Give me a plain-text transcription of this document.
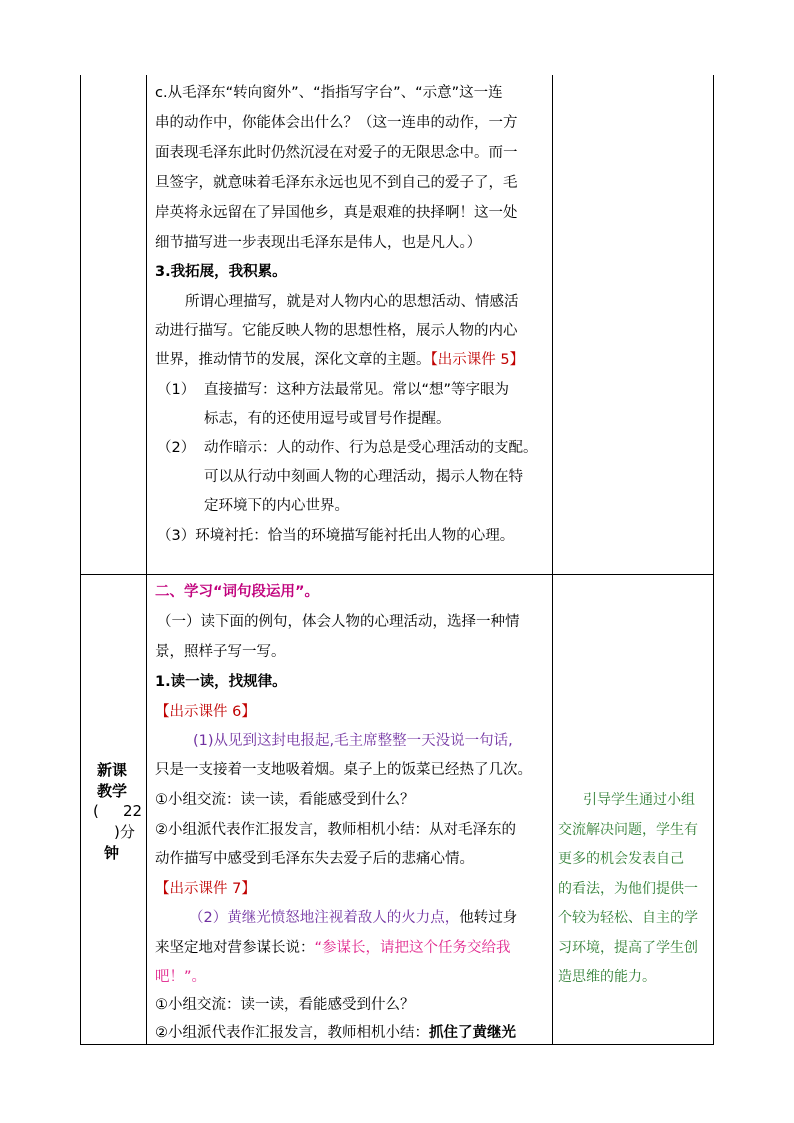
c.从毛泽东“转向窗外”、“指指写字台”、“示意”这一连
串的动作中，你能体会出什么？（这一连串的动作，一方
面表现毛泽东此时仍然沉浸在对爱子的无限思念中。而一
旦签字，就意味着毛泽东永远也见不到自己的爱子了，毛
岸英将永远留在了异国他乡，真是艰难的抉择啊！这一处
细节描写进一步表现出毛泽东是伟人，也是凡人。）
3.我拓展，我积累。
所谓心理描写，就是对人物内心的思想活动、情感活
动进行描写。它能反映人物的思想性格，展示人物的内心
世界，推动情节的发展，深化文章的主题。【出示课件 5】
（1） 直接描写：这种方法最常见。常以“想”等字眼为
标志，有的还使用逗号或冒号作提醒。
（2） 动作暗示：人的动作、行为总是受心理活动的支配。
可以从行动中刻画人物的心理活动，揭示人物在特
定环境下的内心世界。
（3）环境衬托：恰当的环境描写能衬托出人物的心理。
新课
教学
( 22
)分
钟
二、学习“词句段运用”。
（一）读下面的例句，体会人物的心理活动，选择一种情
景，照样子写一写。
1.读一读，找规律。
【出示课件 6】
(1)从见到这封电报起,毛主席整整一天没说一句话,
只是一支接着一支地吸着烟。桌子上的饭菜已经热了几次。
①小组交流：读一读，看能感受到什么？
②小组派代表作汇报发言，教师相机小结：从对毛泽东的
动作描写中感受到毛泽东失去爱子后的悲痛心情。
【出示课件 7】
（2）黄继光愤怒地注视着敌人的火力点，他转过身
来坚定地对营参谋长说：“参谋长，请把这个任务交给我
吧！”。
①小组交流：读一读，看能感受到什么？
②小组派代表作汇报发言，教师相机小结：抓住了黄继光
引导学生通过小组
交流解决问题，学生有
更多的机会发表自己
的看法，为他们提供一
个较为轻松、自主的学
习环境，提高了学生创
造思维的能力。
